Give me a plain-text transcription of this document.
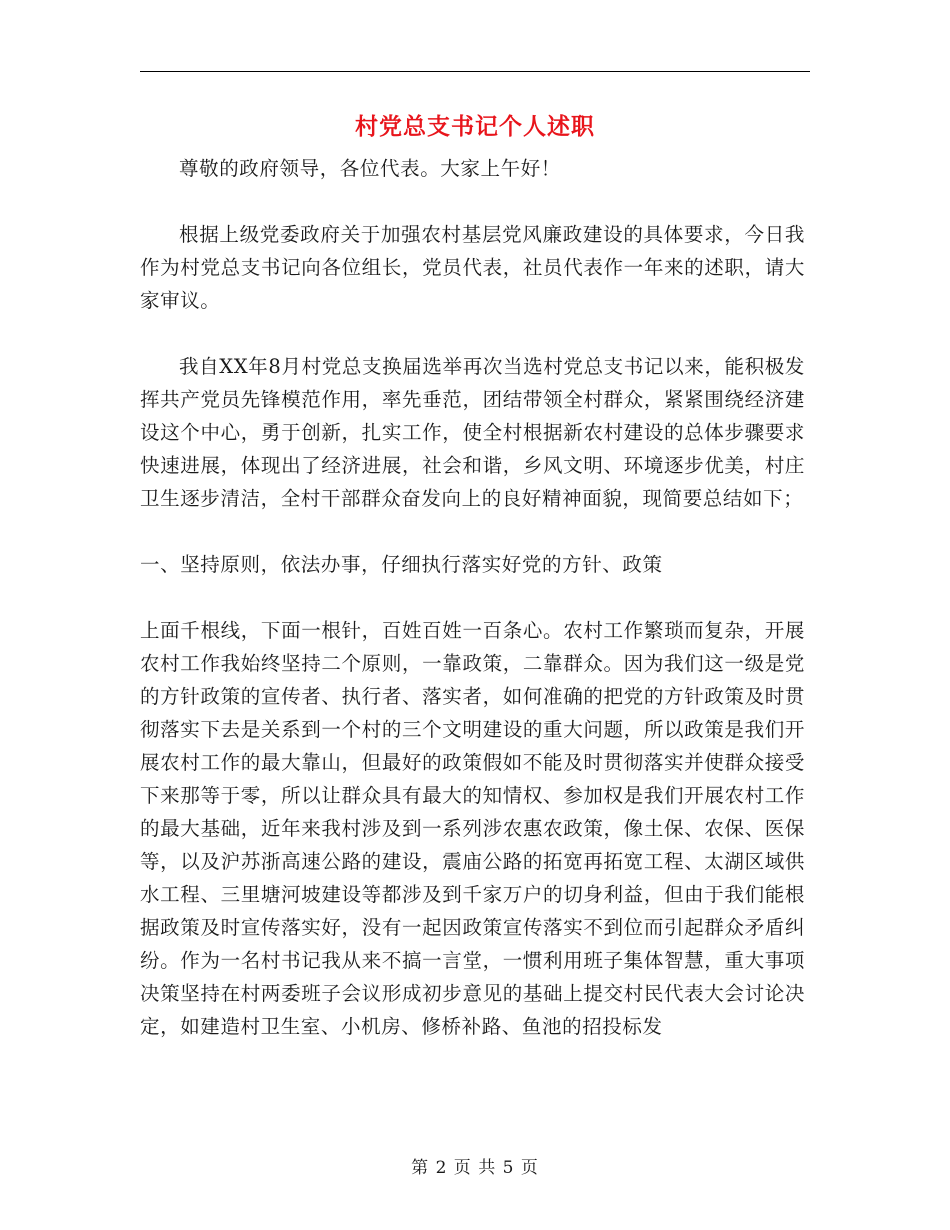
村党总支书记个人述职

尊敬的政府领导，各位代表。大家上午好！

根据上级党委政府关于加强农村基层党风廉政建设的具体要求，今日我作为村党总支书记向各位组长，党员代表，社员代表作一年来的述职，请大家审议。

我自XX年8月村党总支换届选举再次当选村党总支书记以来，能积极发挥共产党员先锋模范作用，率先垂范，团结带领全村群众，紧紧围绕经济建设这个中心，勇于创新，扎实工作，使全村根据新农村建设的总体步骤要求快速进展，体现出了经济进展，社会和谐，乡风文明、环境逐步优美，村庄卫生逐步清洁，全村干部群众奋发向上的良好精神面貌，现简要总结如下；

一、坚持原则，依法办事，仔细执行落实好党的方针、政策

上面千根线，下面一根针，百姓百姓一百条心。农村工作繁琐而复杂，开展农村工作我始终坚持二个原则，一靠政策，二靠群众。因为我们这一级是党的方针政策的宣传者、执行者、落实者，如何准确的把党的方针政策及时贯彻落实下去是关系到一个村的三个文明建设的重大问题，所以政策是我们开展农村工作的最大靠山，但最好的政策假如不能及时贯彻落实并使群众接受下来那等于零，所以让群众具有最大的知情权、参加权是我们开展农村工作的最大基础，近年来我村涉及到一系列涉农惠农政策，像土保、农保、医保等，以及沪苏浙高速公路的建设，震庙公路的拓宽再拓宽工程、太湖区域供水工程、三里塘河坡建设等都涉及到千家万户的切身利益，但由于我们能根据政策及时宣传落实好，没有一起因政策宣传落实不到位而引起群众矛盾纠纷。作为一名村书记我从来不搞一言堂，一惯利用班子集体智慧，重大事项决策坚持在村两委班子会议形成初步意见的基础上提交村民代表大会讨论决定，如建造村卫生室、小机房、修桥补路、鱼池的招投标发

第 2 页 共 5 页
